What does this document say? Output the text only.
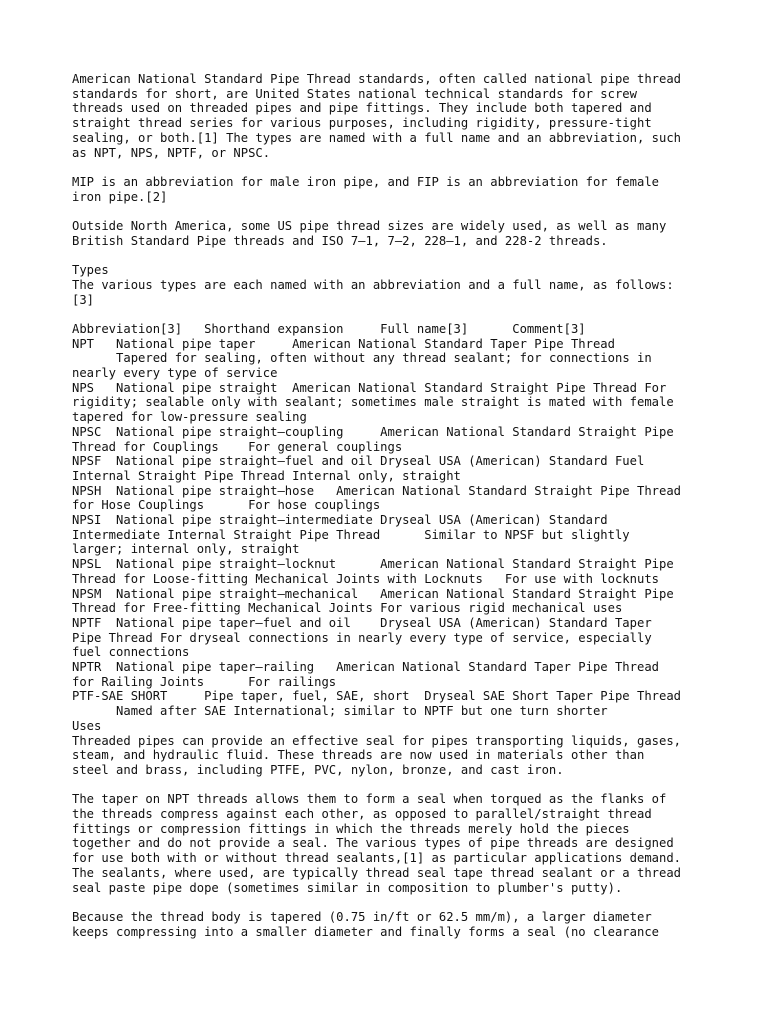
American National Standard Pipe Thread standards, often called national pipe thread
standards for short, are United States national technical standards for screw
threads used on threaded pipes and pipe fittings. They include both tapered and
straight thread series for various purposes, including rigidity, pressure-tight
sealing, or both.[1] The types are named with a full name and an abbreviation, such
as NPT, NPS, NPTF, or NPSC.

MIP is an abbreviation for male iron pipe, and FIP is an abbreviation for female
iron pipe.[2]

Outside North America, some US pipe thread sizes are widely used, as well as many
British Standard Pipe threads and ISO 7–1, 7–2, 228–1, and 228-2 threads.

Types
The various types are each named with an abbreviation and a full name, as follows:
[3]

Abbreviation[3]   Shorthand expansion     Full name[3]      Comment[3]
NPT   National pipe taper     American National Standard Taper Pipe Thread
Tapered for sealing, often without any thread sealant; for connections in
nearly every type of service
NPS   National pipe straight  American National Standard Straight Pipe Thread For
rigidity; sealable only with sealant; sometimes male straight is mated with female
tapered for low-pressure sealing
NPSC  National pipe straight–coupling     American National Standard Straight Pipe
Thread for Couplings    For general couplings
NPSF  National pipe straight–fuel and oil Dryseal USA (American) Standard Fuel
Internal Straight Pipe Thread Internal only, straight
NPSH  National pipe straight–hose   American National Standard Straight Pipe Thread
for Hose Couplings      For hose couplings
NPSI  National pipe straight–intermediate Dryseal USA (American) Standard
Intermediate Internal Straight Pipe Thread      Similar to NPSF but slightly
larger; internal only, straight
NPSL  National pipe straight–locknut      American National Standard Straight Pipe
Thread for Loose-fitting Mechanical Joints with Locknuts   For use with locknuts
NPSM  National pipe straight–mechanical   American National Standard Straight Pipe
Thread for Free-fitting Mechanical Joints For various rigid mechanical uses
NPTF  National pipe taper–fuel and oil    Dryseal USA (American) Standard Taper
Pipe Thread For dryseal connections in nearly every type of service, especially
fuel connections
NPTR  National pipe taper–railing   American National Standard Taper Pipe Thread
for Railing Joints      For railings
PTF-SAE SHORT     Pipe taper, fuel, SAE, short  Dryseal SAE Short Taper Pipe Thread
Named after SAE International; similar to NPTF but one turn shorter
Uses
Threaded pipes can provide an effective seal for pipes transporting liquids, gases,
steam, and hydraulic fluid. These threads are now used in materials other than
steel and brass, including PTFE, PVC, nylon, bronze, and cast iron.

The taper on NPT threads allows them to form a seal when torqued as the flanks of
the threads compress against each other, as opposed to parallel/straight thread
fittings or compression fittings in which the threads merely hold the pieces
together and do not provide a seal. The various types of pipe threads are designed
for use both with or without thread sealants,[1] as particular applications demand.
The sealants, where used, are typically thread seal tape thread sealant or a thread
seal paste pipe dope (sometimes similar in composition to plumber's putty).

Because the thread body is tapered (0.75 in/ft or 62.5 mm/m), a larger diameter
keeps compressing into a smaller diameter and finally forms a seal (no clearance
